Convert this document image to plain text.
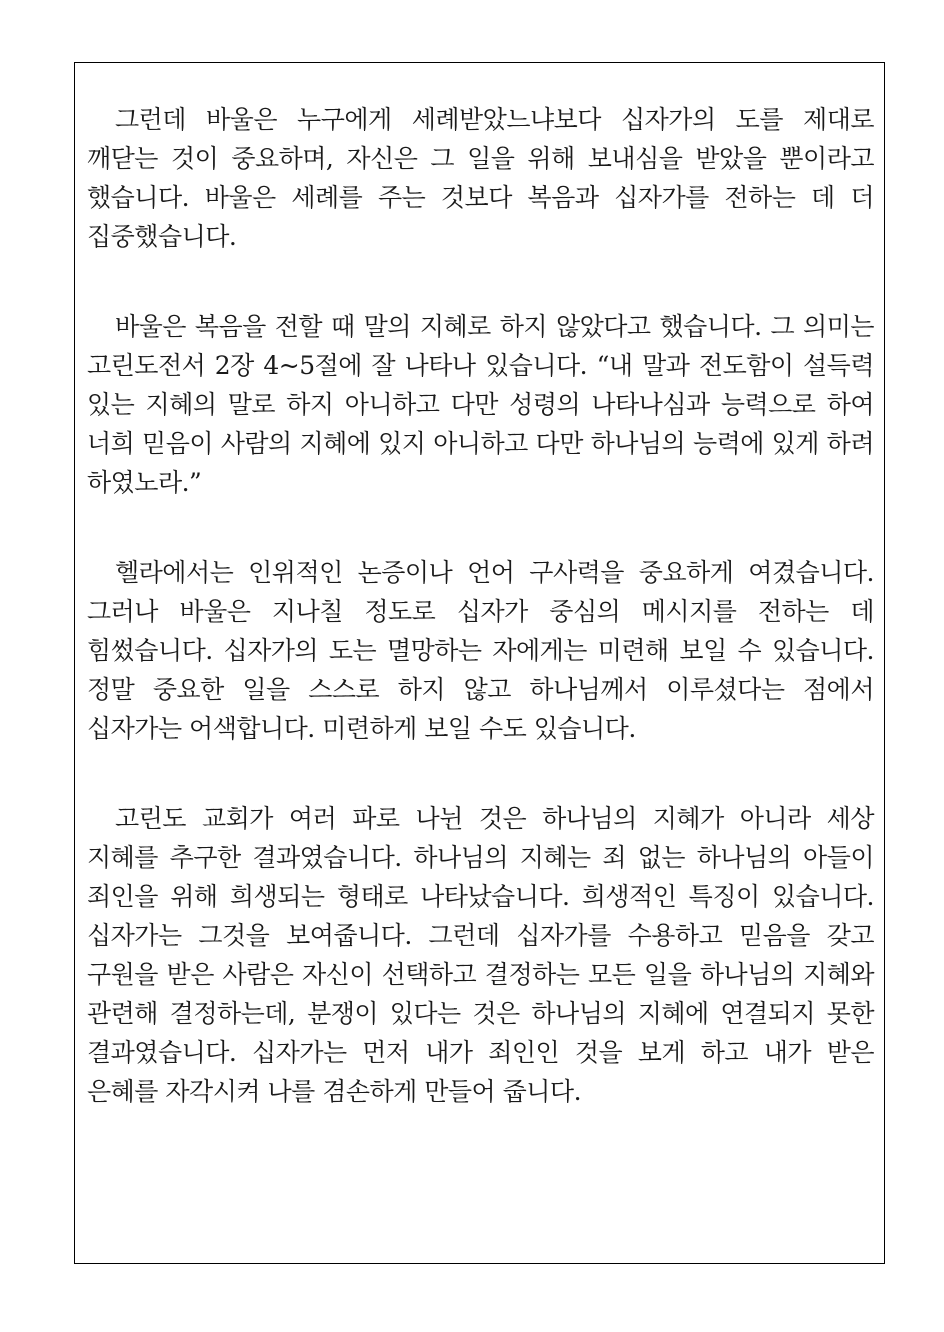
그런데 바울은 누구에게 세례받았느냐보다 십자가의 도를 제대로 깨닫는 것이 중요하며, 자신은 그 일을 위해 보내심을 받았을 뿐이라고 했습니다. 바울은 세례를 주는 것보다 복음과 십자가를 전하는 데 더 집중했습니다.

바울은 복음을 전할 때 말의 지혜로 하지 않았다고 했습니다. 그 의미는 고린도전서 2장 4~5절에 잘 나타나 있습니다. “내 말과 전도함이 설득력 있는 지혜의 말로 하지 아니하고 다만 성령의 나타나심과 능력으로 하여 너희 믿음이 사람의 지혜에 있지 아니하고 다만 하나님의 능력에 있게 하려 하였노라.”

헬라에서는 인위적인 논증이나 언어 구사력을 중요하게 여겼습니다. 그러나 바울은 지나칠 정도로 십자가 중심의 메시지를 전하는 데 힘썼습니다. 십자가의 도는 멸망하는 자에게는 미련해 보일 수 있습니다. 정말 중요한 일을 스스로 하지 않고 하나님께서 이루셨다는 점에서 십자가는 어색합니다. 미련하게 보일 수도 있습니다.

고린도 교회가 여러 파로 나뉜 것은 하나님의 지혜가 아니라 세상 지혜를 추구한 결과였습니다. 하나님의 지혜는 죄 없는 하나님의 아들이 죄인을 위해 희생되는 형태로 나타났습니다. 희생적인 특징이 있습니다. 십자가는 그것을 보여줍니다. 그런데 십자가를 수용하고 믿음을 갖고 구원을 받은 사람은 자신이 선택하고 결정하는 모든 일을 하나님의 지혜와 관련해 결정하는데, 분쟁이 있다는 것은 하나님의 지혜에 연결되지 못한 결과였습니다. 십자가는 먼저 내가 죄인인 것을 보게 하고 내가 받은 은혜를 자각시켜 나를 겸손하게 만들어 줍니다.
